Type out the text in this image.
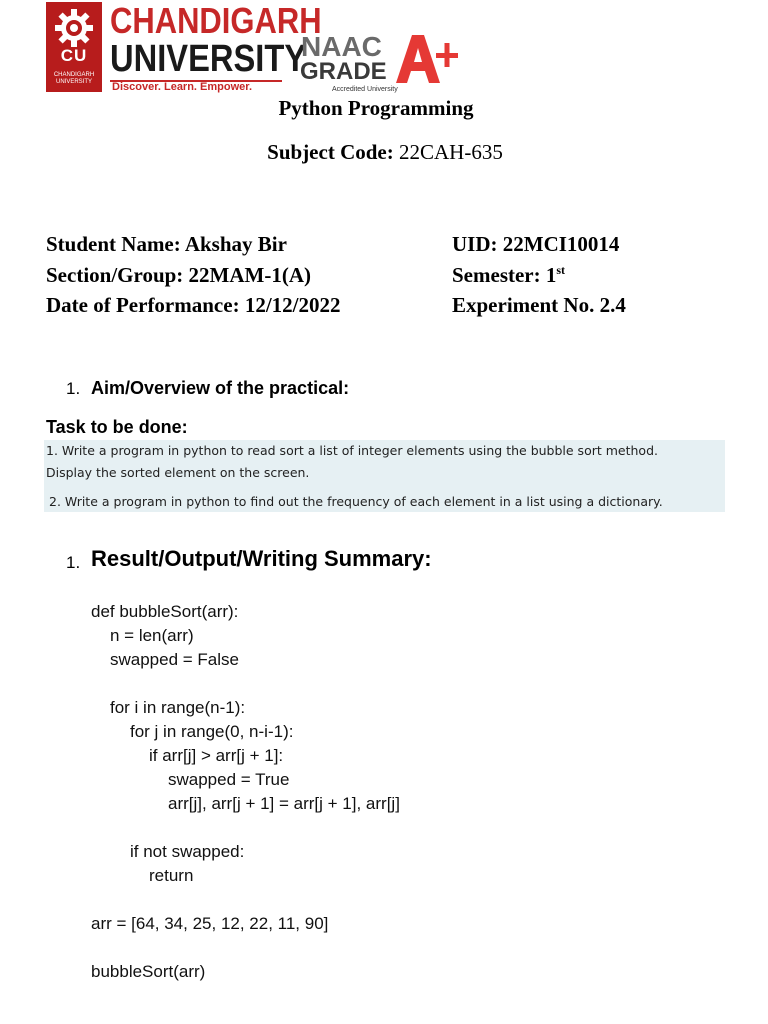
CU
CHANDIGARH
UNIVERSITY
CHANDIGARH
UNIVERSITY
Discover. Learn. Empower.
NAAC
GRADE
Accredited University
Python Programming
Subject Code: 22CAH-635
Student Name: Akshay Bir	UID: 22MCI10014
Section/Group: 22MAM-1(A)	Semester: 1st
Date of Performance: 12/12/2022	Experiment No. 2.4
1. Aim/Overview of the practical:
Task to be done:
1. Write a program in python to read sort a list of integer elements using the bubble sort method.
Display the sorted element on the screen.
2. Write a program in python to find out the frequency of each element in a list using a dictionary.
1. Result/Output/Writing Summary:
def bubbleSort(arr):
n = len(arr)
swapped = False
for i in range(n-1):
for j in range(0, n-i-1):
if arr[j] > arr[j + 1]:
swapped = True
arr[j], arr[j + 1] = arr[j + 1], arr[j]
if not swapped:
return
arr = [64, 34, 25, 12, 22, 11, 90]
bubbleSort(arr)
